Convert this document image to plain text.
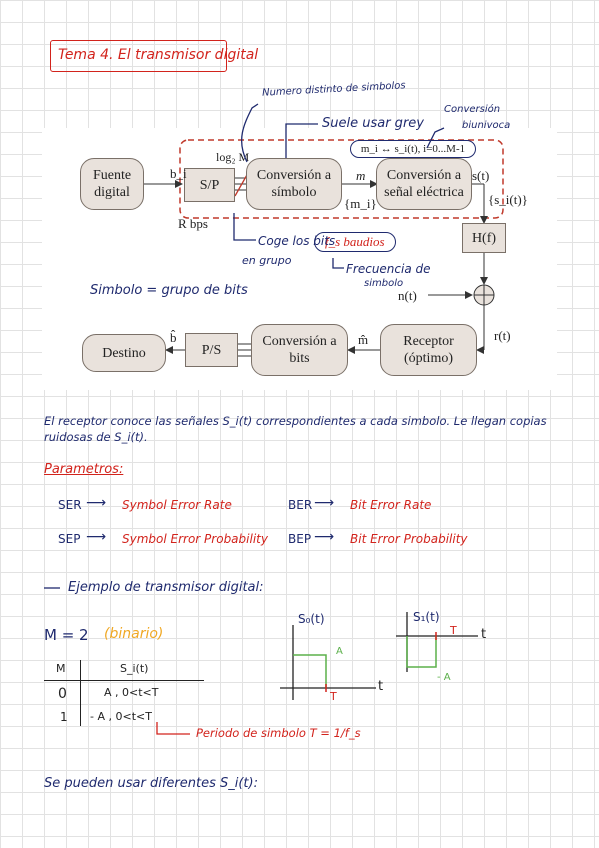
Tema 4. El transmisor digital
Fuente digital	S/P
Conversión a símbolo
Conversión a señal eléctrica
H(f)
Receptor (óptimo)
Conversión a bits
P/S
Destino
m_i ↔ s_i(t), i=0...M-1
b_i
log₂ M
R bps
m
{m_i}
s(t)
{s_i(t)}
n(t)
r(t)
m̂
b̂
f_s baudios
Numero distinto de simbolos
Suele usar grey
Conversión
biunivoca
Coge los bits
en grupo
Frecuencia de
simbolo
Simbolo = grupo de bits
El receptor conoce las señales S_i(t) correspondientes a cada simbolo. Le llegan copias
ruidosas de S_i(t).
Parametros:
SER ⟶ Symbol Error Rate
SEP ⟶ Symbol Error Probability
BER ⟶ Bit Error Rate
BEP ⟶ Bit Error Probability
Ejemplo de transmisor digital:
M = 2 (binario)
M	S_i(t)
0	A , 0<t<T
1 - A , 0<t<T
Periodo de simbolo T = 1/f_s
S₀(t)
A
T
t
S₁(t)
- A
T t
Se pueden usar diferentes S_i(t):
